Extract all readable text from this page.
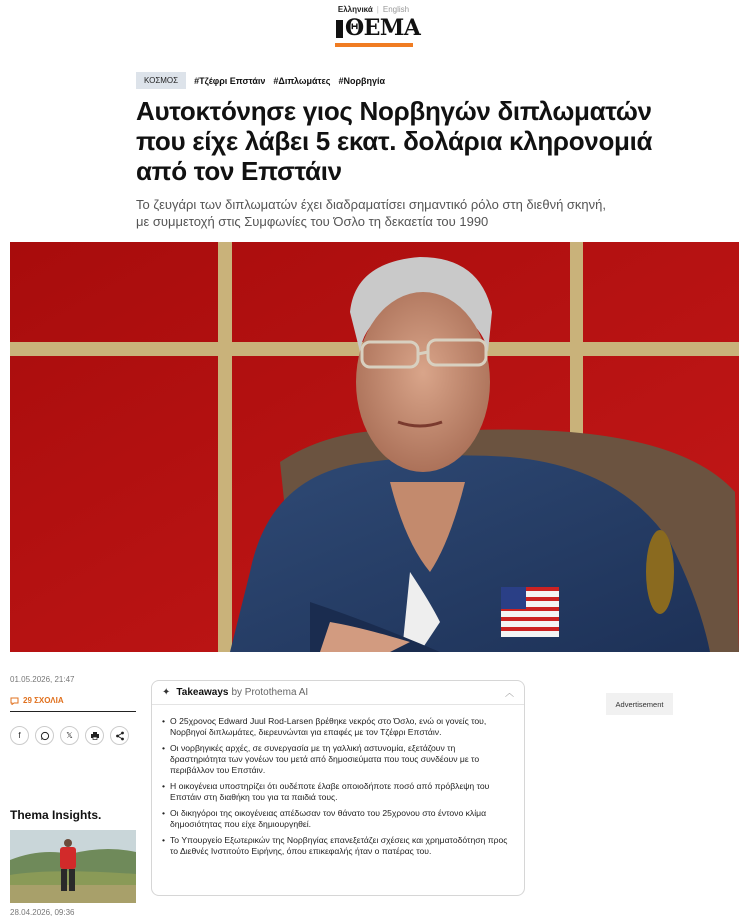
Ελληνικά | English
ΘΕΜΑ
ΚΟΣΜΟΣ	#Τζέφρι Επστάιν #Διπλωμάτες #Νορβηγία
Αυτοκτόνησε γιος Νορβηγών διπλωματών που είχε λάβει 5 εκατ. δολάρια κληρονομιά από τον Επστάιν

Το ζευγάρι των διπλωματών έχει διαδραματίσει σημαντικό ρόλο στη διεθνή σκηνή, με συμμετοχή στις Συμφωνίες του Όσλο τη δεκαετία του 1990

01.05.2026, 21:47
29 ΣΧΟΛΙΑ
f	𝕏
✦ Takeaways by Protothema AI	︿
• Ο 25χρονος Edward Juul Rod-Larsen βρέθηκε νεκρός στο Όσλο, ενώ οι γονείς του, Νορβηγοί διπλωμάτες, διερευνώνται για επαφές με τον Τζέφρι Επστάιν.
• Οι νορβηγικές αρχές, σε συνεργασία με τη γαλλική αστυνομία, εξετάζουν τη δραστηριότητα των γονέων του μετά από δημοσιεύματα που τους συνδέουν με το περιβάλλον του Επστάιν.
• Η οικογένεια υποστηρίζει ότι ουδέποτε έλαβε οποιοδήποτε ποσό από πρόβλεψη του Επστάιν στη διαθήκη του για τα παιδιά τους.
• Οι δικηγόροι της οικογένειας απέδωσαν τον θάνατο του 25χρονου στο έντονο κλίμα δημοσιότητας που είχε δημιουργηθεί.
• Το Υπουργείο Εξωτερικών της Νορβηγίας επανεξετάζει σχέσεις και χρηματοδότηση προς το Διεθνές Ινστιτούτο Ειρήνης, όπου επικεφαλής ήταν ο πατέρας του.
Advertisement
Thema Insights.
28.04.2026, 09:36
